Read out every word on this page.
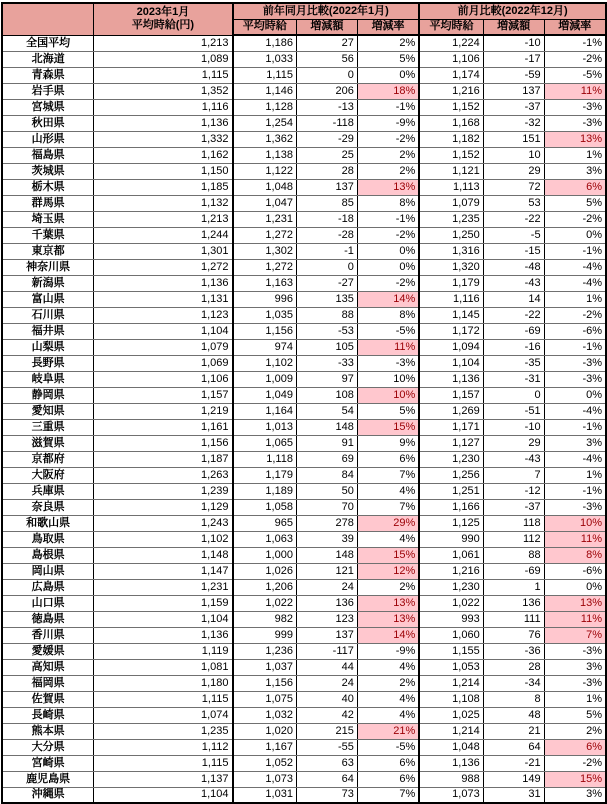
	2023年1月
平均時給(円)	前年同月比較(2022年1月)			前月比較(2022年12月)		
		平均時給	増減額	増減率	平均時給	増減額	増減率
全国平均	1,213	1,186	27	2%	1,224	-10	-1%
北海道	1,089	1,033	56	5%	1,106	-17	-2%
青森県	1,115	1,115	0	0%	1,174	-59	-5%
岩手県	1,352	1,146	206	18%	1,216	137	11%
宮城県	1,116	1,128	-13	-1%	1,152	-37	-3%
秋田県	1,136	1,254	-118	-9%	1,168	-32	-3%
山形県	1,332	1,362	-29	-2%	1,182	151	13%
福島県	1,162	1,138	25	2%	1,152	10	1%
茨城県	1,150	1,122	28	2%	1,121	29	3%
栃木県	1,185	1,048	137	13%	1,113	72	6%
群馬県	1,132	1,047	85	8%	1,079	53	5%
埼玉県	1,213	1,231	-18	-1%	1,235	-22	-2%
千葉県	1,244	1,272	-28	-2%	1,250	-5	0%
東京都	1,301	1,302	-1	0%	1,316	-15	-1%
神奈川県	1,272	1,272	0	0%	1,320	-48	-4%
新潟県	1,136	1,163	-27	-2%	1,179	-43	-4%
富山県	1,131	996	135	14%	1,116	14	1%
石川県	1,123	1,035	88	8%	1,145	-22	-2%
福井県	1,104	1,156	-53	-5%	1,172	-69	-6%
山梨県	1,079	974	105	11%	1,094	-16	-1%
長野県	1,069	1,102	-33	-3%	1,104	-35	-3%
岐阜県	1,106	1,009	97	10%	1,136	-31	-3%
静岡県	1,157	1,049	108	10%	1,157	0	0%
愛知県	1,219	1,164	54	5%	1,269	-51	-4%
三重県	1,161	1,013	148	15%	1,171	-10	-1%
滋賀県	1,156	1,065	91	9%	1,127	29	3%
京都府	1,187	1,118	69	6%	1,230	-43	-4%
大阪府	1,263	1,179	84	7%	1,256	7	1%
兵庫県	1,239	1,189	50	4%	1,251	-12	-1%
奈良県	1,129	1,058	70	7%	1,166	-37	-3%
和歌山県	1,243	965	278	29%	1,125	118	10%
鳥取県	1,102	1,063	39	4%	990	112	11%
島根県	1,148	1,000	148	15%	1,061	88	8%
岡山県	1,147	1,026	121	12%	1,216	-69	-6%
広島県	1,231	1,206	24	2%	1,230	1	0%
山口県	1,159	1,022	136	13%	1,022	136	13%
徳島県	1,104	982	123	13%	993	111	11%
香川県	1,136	999	137	14%	1,060	76	7%
愛媛県	1,119	1,236	-117	-9%	1,155	-36	-3%
高知県	1,081	1,037	44	4%	1,053	28	3%
福岡県	1,180	1,156	24	2%	1,214	-34	-3%
佐賀県	1,115	1,075	40	4%	1,108	8	1%
長崎県	1,074	1,032	42	4%	1,025	48	5%
熊本県	1,235	1,020	215	21%	1,214	21	2%
大分県	1,112	1,167	-55	-5%	1,048	64	6%
宮崎県	1,115	1,052	63	6%	1,136	-21	-2%
鹿児島県	1,137	1,073	64	6%	988	149	15%
沖縄県	1,104	1,031	73	7%	1,073	31	3%
